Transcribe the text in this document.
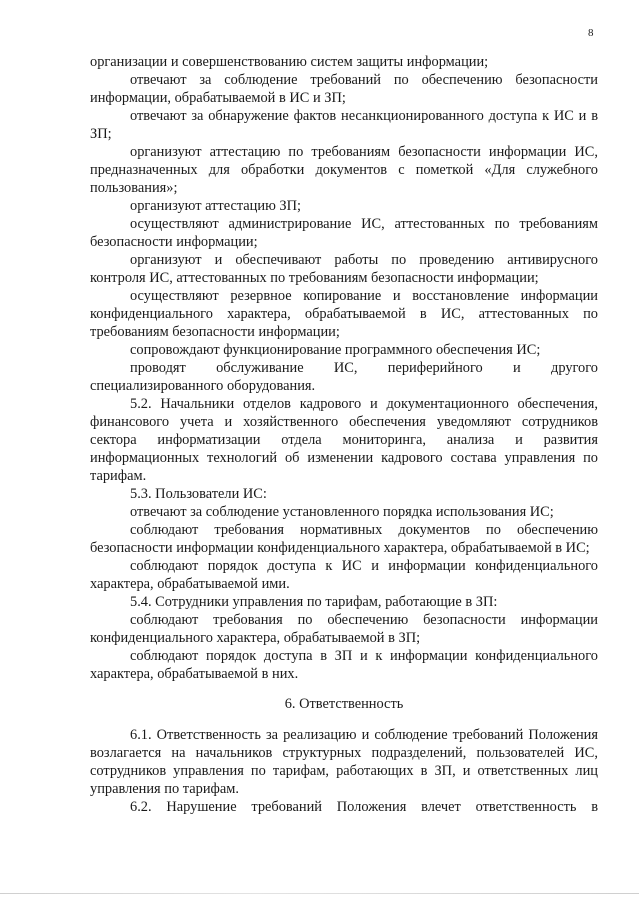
8

организации и совершенствованию систем защиты информации;

отвечают за соблюдение требований по обеспечению безопасности информации, обрабатываемой в ИС и ЗП;

отвечают за обнаружение фактов несанкционированного доступа к ИС и в ЗП;

организуют аттестацию по требованиям безопасности информации ИС, предназначенных для обработки документов с пометкой «Для служебного пользования»;

организуют аттестацию ЗП;

осуществляют администрирование ИС, аттестованных по требованиям безопасности информации;

организуют и обеспечивают работы по проведению антивирусного контроля ИС, аттестованных по требованиям безопасности информации;

осуществляют резервное копирование и восстановление информации конфиденциального характера, обрабатываемой в ИС, аттестованных по требованиям безопасности информации;

сопровождают функционирование программного обеспечения ИС;

проводят обслуживание ИС, периферийного и другого специализированного оборудования.

5.2. Начальники отделов кадрового и документационного обеспечения, финансового учета и хозяйственного обеспечения уведомляют сотрудников сектора информатизации отдела мониторинга, анализа и развития информационных технологий об изменении кадрового состава управления по тарифам.

5.3. Пользователи ИС:

отвечают за соблюдение установленного порядка использования ИС;

соблюдают требования нормативных документов по обеспечению безопасности информации конфиденциального характера, обрабатываемой в ИС;

соблюдают порядок доступа к ИС и информации конфиденциального характера, обрабатываемой ими.

5.4. Сотрудники управления по тарифам, работающие в ЗП:

соблюдают требования по обеспечению безопасности информации конфиденциального характера, обрабатываемой в ЗП;

соблюдают порядок доступа в ЗП и к информации конфиденциального характера, обрабатываемой в них.

6. Ответственность

6.1. Ответственность за реализацию и соблюдение требований Положения возлагается на начальников структурных подразделений, пользователей ИС, сотрудников управления по тарифам, работающих в ЗП, и ответственных лиц управления по тарифам.

6.2. Нарушение требований Положения влечет ответственность в
